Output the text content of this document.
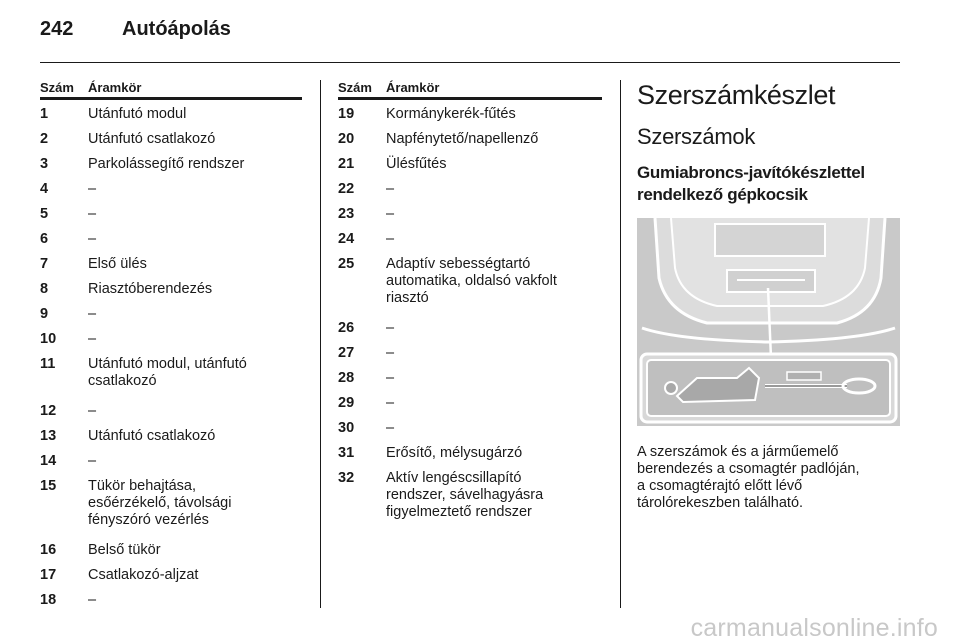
242 Autóápolás
Szám Áramkör
1	Utánfutó modul
2	Utánfutó csatlakozó
3	Parkolássegítő rendszer
4	–
5	–
6	–
7	Első ülés
8	Riasztóberendezés
9	–
10 –
11 Utánfutó modul, utánfutó
csatlakozó
12 –
13 Utánfutó csatlakozó
14 –
15 Tükör behajtása,
esőérzékelő, távolsági
fényszóró vezérlés
16 Belső tükör
17 Csatlakozó-aljzat
18 –
Szám Áramkör
19 Kormánykerék-fűtés
20 Napfénytető/napellenző
21 Ülésfűtés
22 –
23 –
24 –
25 Adaptív sebességtartó
automatika, oldalsó vakfolt
riasztó
26 –
27 –
28 –
29 –
30 –
31 Erősítő, mélysugárzó
32 Aktív lengéscsillapító
rendszer, sávelhagyásra
figyelmeztető rendszer
Szerszámkészlet
Szerszámok
Gumiabroncs-javítókészlettel
rendelkező gépkocsik
A szerszámok és a járműemelő
berendezés a csomagtér padlóján,
a csomagtérajtó előtt lévő
tárolórekeszben található.
carmanualsonline.info
